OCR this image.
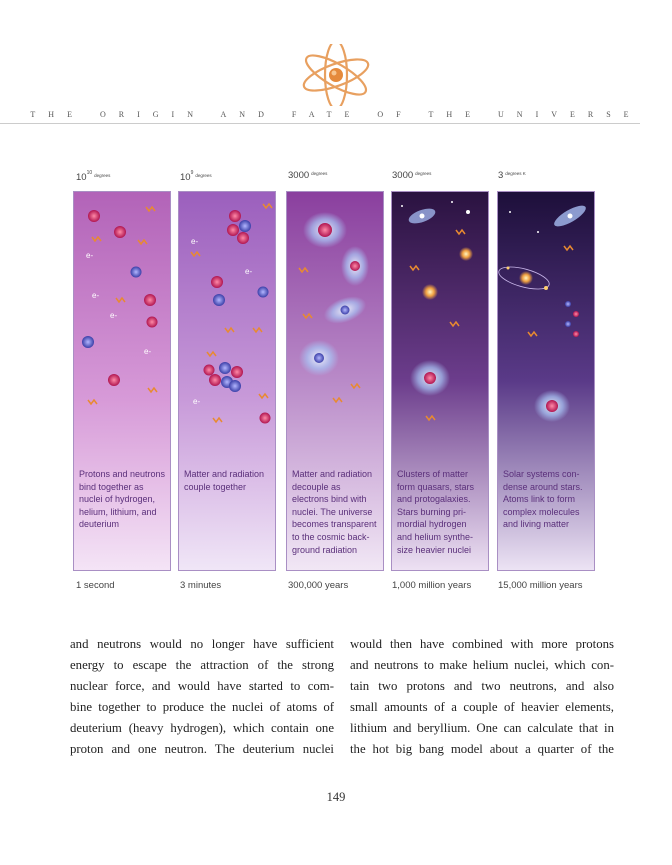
THE ORIGIN AND FATE OF THE UNIVERSE
$10^{10}$ $^{degrees}$	$10^9$ $^{degrees}$	3000 $^{degrees}$	3000 $^{degrees}$	3 $^{degrees K}$
e-
e-
e-
e-
Protons and neutrons
bind together as
nuclei of hydrogen,
helium, lithium, and
deuterium
e-
e-
e-
Matter and radiation
couple together
Matter and radiation
decouple as
electrons bind with
nuclei. The universe
becomes transparent
to the cosmic back-
ground radiation
Clusters of matter
form quasars, stars
and protogalaxies.
Stars burning pri-
mordial hydrogen
and helium synthe-
size heavier nuclei
Solar systems con-
dense around stars.
Atoms link to form
complex molecules
and living matter
1 second	3 minutes	300,000 years	1,000 million years	15,000 million years
and neutrons would no longer have sufficient
energy to escape the attraction of the strong
nuclear force, and would have started to com-
bine together to produce the nuclei of atoms of
deuterium (heavy hydrogen), which contain one
proton and one neutron. The deuterium nuclei
would then have combined with more protons
and neutrons to make helium nuclei, which con-
tain two protons and two neutrons, and also
small amounts of a couple of heavier elements,
lithium and beryllium. One can calculate that in
the hot big bang model about a quarter of the
149
